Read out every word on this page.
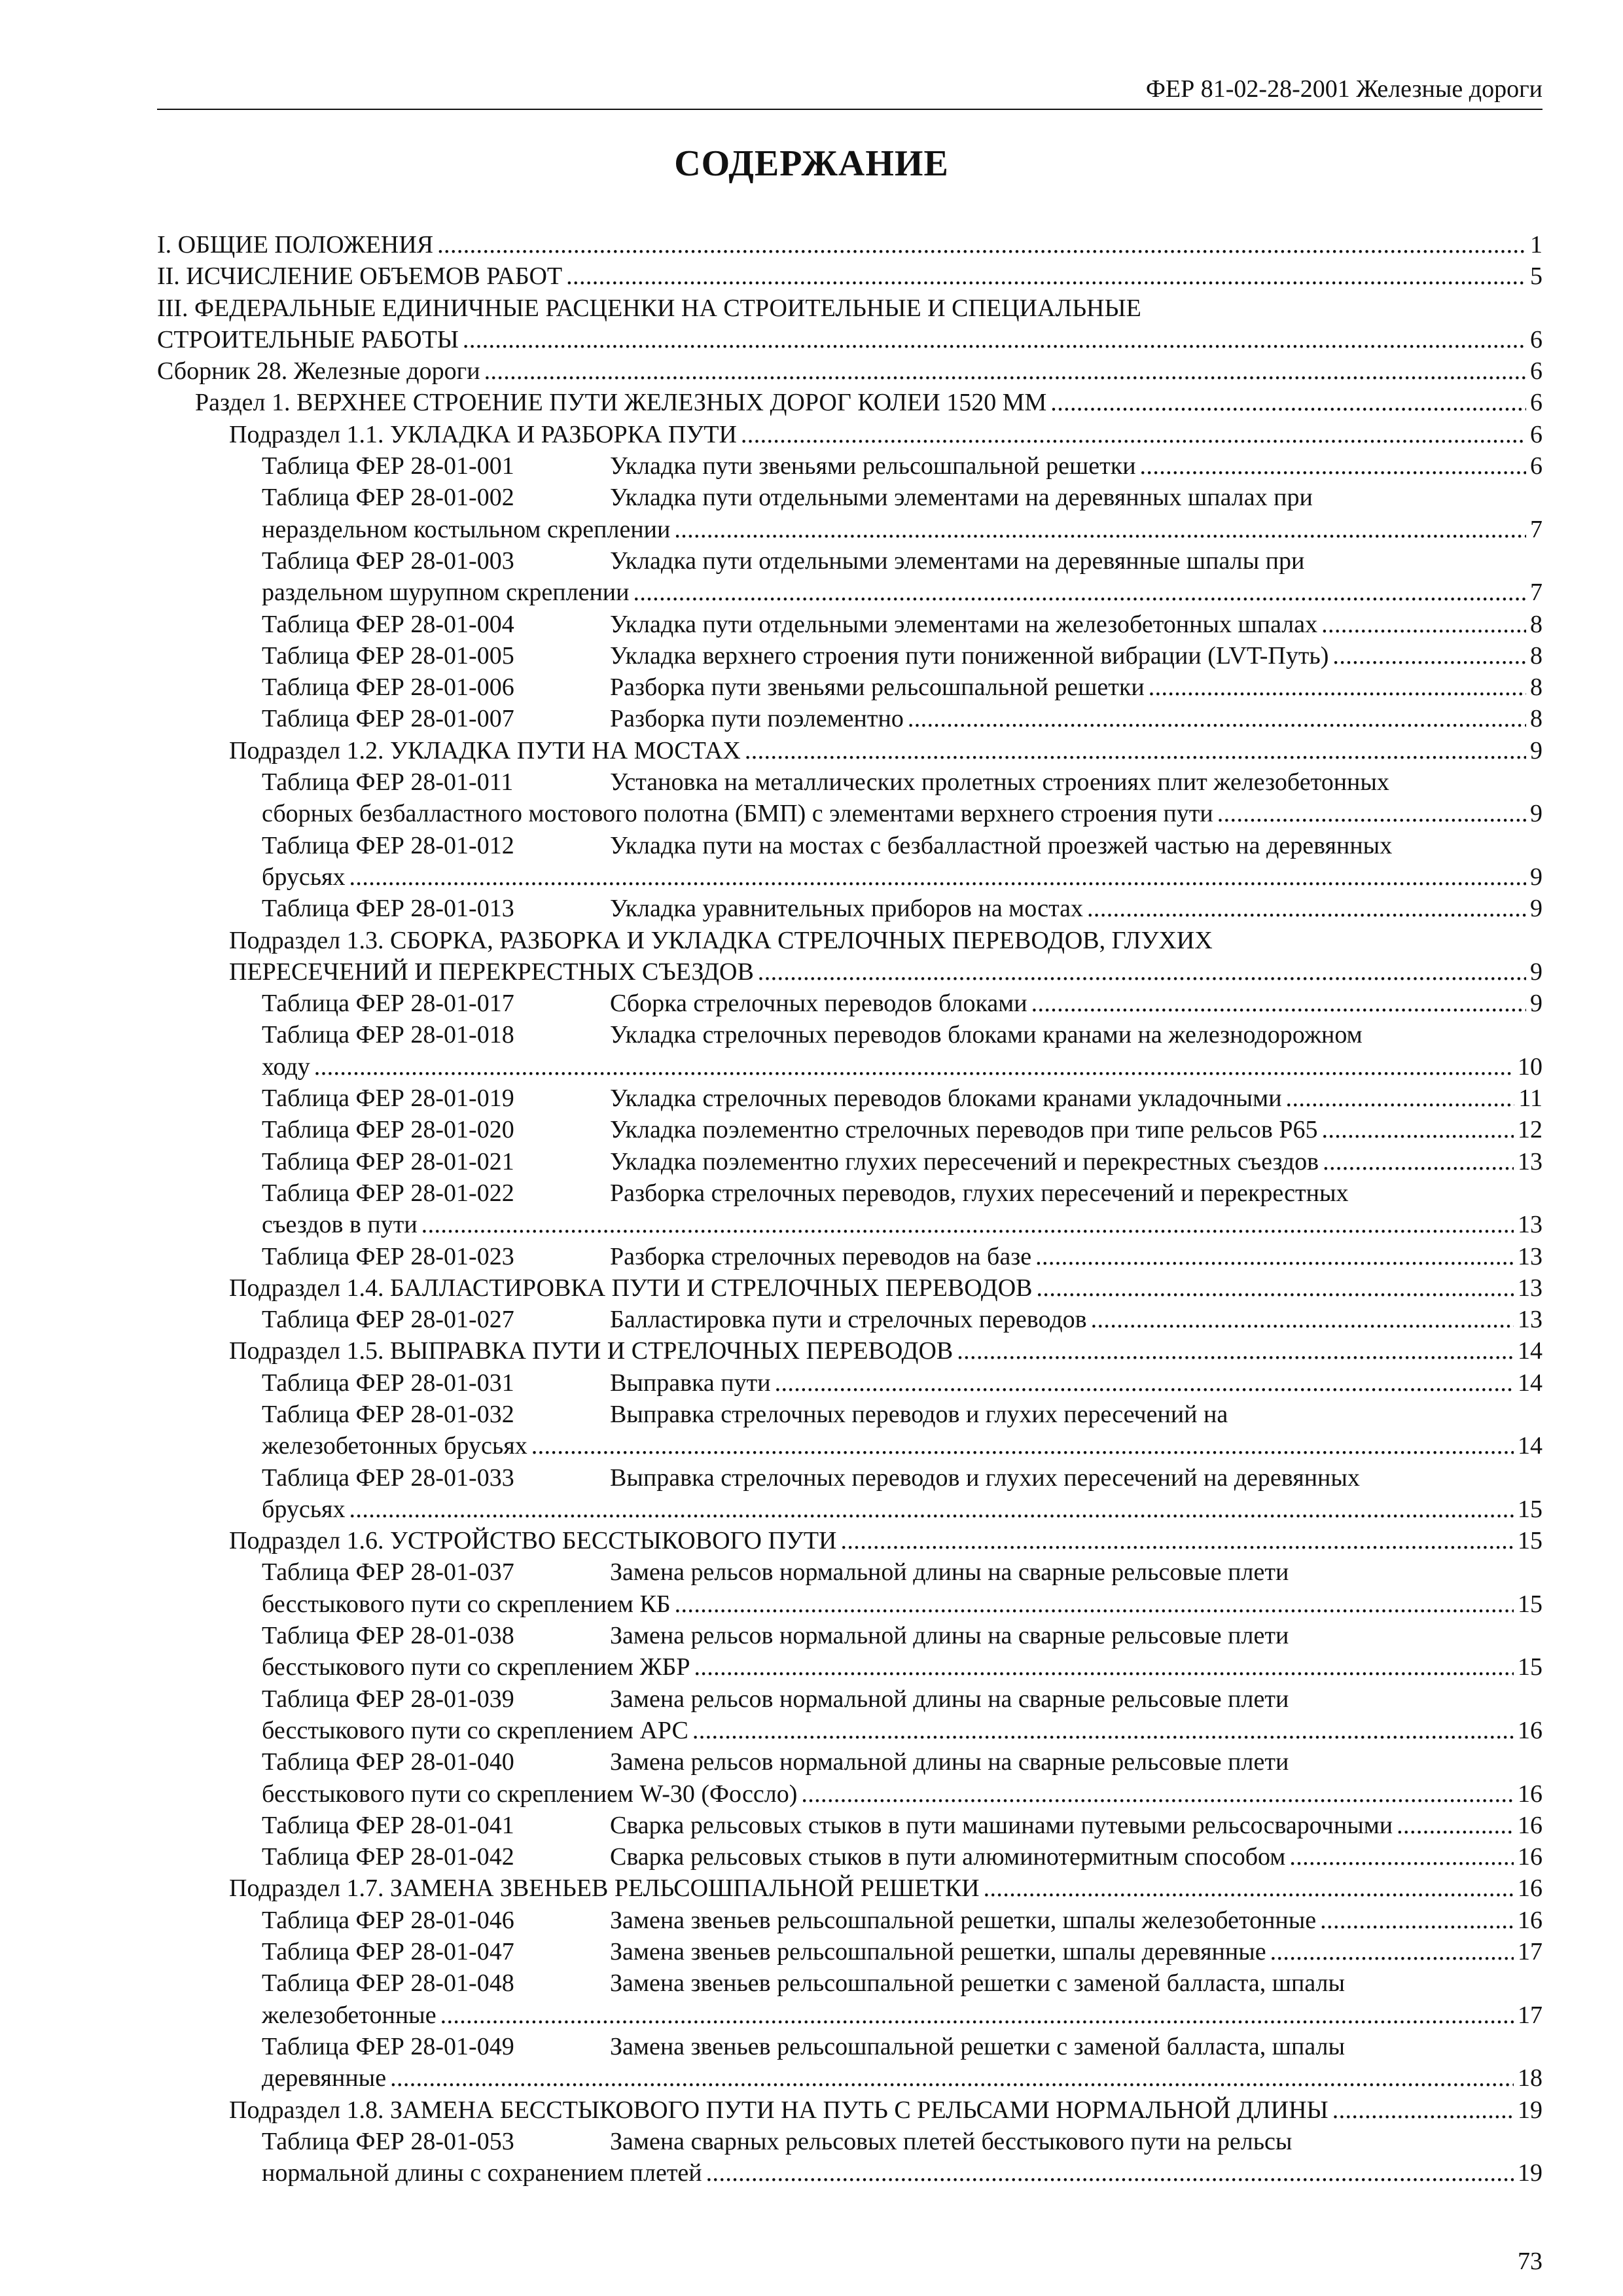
ФЕР 81-02-28-2001 Железные дороги
СОДЕРЖАНИЕ
I. ОБЩИЕ ПОЛОЖЕНИЯ .....	1
II. ИСЧИСЛЕНИЕ ОБЪЕМОВ РАБОТ .....	5
III. ФЕДЕРАЛЬНЫЕ ЕДИНИЧНЫЕ РАСЦЕНКИ НА СТРОИТЕЛЬНЫЕ И СПЕЦИАЛЬНЫЕ
СТРОИТЕЛЬНЫЕ РАБОТЫ .....	6
Сборник 28. Железные дороги .....	6
Раздел 1. ВЕРХНЕЕ СТРОЕНИЕ ПУТИ ЖЕЛЕЗНЫХ ДОРОГ КОЛЕИ 1520 ММ .....	6
Подраздел 1.1. УКЛАДКА И РАЗБОРКА ПУТИ .....	6
Таблица ФЕР 28-01-001	Укладка пути звеньями рельсошпальной решетки .....	6
Таблица ФЕР 28-01-002	Укладка пути отдельными элементами на деревянных шпалах при
нераздельном костыльном скреплении .....	7
Таблица ФЕР 28-01-003	Укладка пути отдельными элементами на деревянные шпалы при
раздельном шурупном скреплении .....	7
Таблица ФЕР 28-01-004	Укладка пути отдельными элементами на железобетонных шпалах .....	8
Таблица ФЕР 28-01-005	Укладка верхнего строения пути пониженной вибрации (LVT-Путь) .....	8
Таблица ФЕР 28-01-006	Разборка пути звеньями рельсошпальной решетки .....	8
Таблица ФЕР 28-01-007	Разборка пути поэлементно .....	8
Подраздел 1.2. УКЛАДКА ПУТИ НА МОСТАХ .....	9
Таблица ФЕР 28-01-011	Установка на металлических пролетных строениях плит железобетонных
сборных безбалластного мостового полотна (БМП) с элементами верхнего строения пути .....	9
Таблица ФЕР 28-01-012	Укладка пути на мостах с безбалластной проезжей частью на деревянных
брусьях .....	9
Таблица ФЕР 28-01-013	Укладка уравнительных приборов на мостах .....	9
Подраздел 1.3. СБОРКА, РАЗБОРКА И УКЛАДКА СТРЕЛОЧНЫХ ПЕРЕВОДОВ, ГЛУХИХ
ПЕРЕСЕЧЕНИЙ И ПЕРЕКРЕСТНЫХ СЪЕЗДОВ .....	9
Таблица ФЕР 28-01-017	Сборка стрелочных переводов блоками .....	9
Таблица ФЕР 28-01-018	Укладка стрелочных переводов блоками кранами на железнодорожном
ходу .....	10
Таблица ФЕР 28-01-019	Укладка стрелочных переводов блоками кранами укладочными .....	11
Таблица ФЕР 28-01-020	Укладка поэлементно стрелочных переводов при типе рельсов Р65 .....	12
Таблица ФЕР 28-01-021	Укладка поэлементно глухих пересечений и перекрестных съездов .....	13
Таблица ФЕР 28-01-022	Разборка стрелочных переводов, глухих пересечений и перекрестных
съездов в пути .....	13
Таблица ФЕР 28-01-023	Разборка стрелочных переводов на базе .....	13
Подраздел 1.4. БАЛЛАСТИРОВКА ПУТИ И СТРЕЛОЧНЫХ ПЕРЕВОДОВ .....	13
Таблица ФЕР 28-01-027	Балластировка пути и стрелочных переводов .....	13
Подраздел 1.5. ВЫПРАВКА ПУТИ И СТРЕЛОЧНЫХ ПЕРЕВОДОВ .....	14
Таблица ФЕР 28-01-031	Выправка пути .....	14
Таблица ФЕР 28-01-032	Выправка стрелочных переводов и глухих пересечений на
железобетонных брусьях .....	14
Таблица ФЕР 28-01-033	Выправка стрелочных переводов и глухих пересечений на деревянных
брусьях .....	15
Подраздел 1.6. УСТРОЙСТВО БЕССТЫКОВОГО ПУТИ .....	15
Таблица ФЕР 28-01-037	Замена рельсов нормальной длины на сварные рельсовые плети
бесстыкового пути со скреплением КБ .....	15
Таблица ФЕР 28-01-038	Замена рельсов нормальной длины на сварные рельсовые плети
бесстыкового пути со скреплением ЖБР .....	15
Таблица ФЕР 28-01-039	Замена рельсов нормальной длины на сварные рельсовые плети
бесстыкового пути со скреплением АРС .....	16
Таблица ФЕР 28-01-040	Замена рельсов нормальной длины на сварные рельсовые плети
бесстыкового пути со скреплением W-30 (Фоссло) .....	16
Таблица ФЕР 28-01-041	Сварка рельсовых стыков в пути машинами путевыми рельсосварочными .....	16
Таблица ФЕР 28-01-042	Сварка рельсовых стыков в пути алюминотермитным способом .....	16
Подраздел 1.7. ЗАМЕНА ЗВЕНЬЕВ РЕЛЬСОШПАЛЬНОЙ РЕШЕТКИ .....	16
Таблица ФЕР 28-01-046	Замена звеньев рельсошпальной решетки, шпалы железобетонные .....	16
Таблица ФЕР 28-01-047	Замена звеньев рельсошпальной решетки, шпалы деревянные .....	17
Таблица ФЕР 28-01-048	Замена звеньев рельсошпальной решетки с заменой балласта, шпалы
железобетонные .....	17
Таблица ФЕР 28-01-049	Замена звеньев рельсошпальной решетки с заменой балласта, шпалы
деревянные .....	18
Подраздел 1.8. ЗАМЕНА БЕССТЫКОВОГО ПУТИ НА ПУТЬ С РЕЛЬСАМИ НОРМАЛЬНОЙ ДЛИНЫ .....	19
Таблица ФЕР 28-01-053	Замена сварных рельсовых плетей бесстыкового пути на рельсы
нормальной длины с сохранением плетей .....	19
73
